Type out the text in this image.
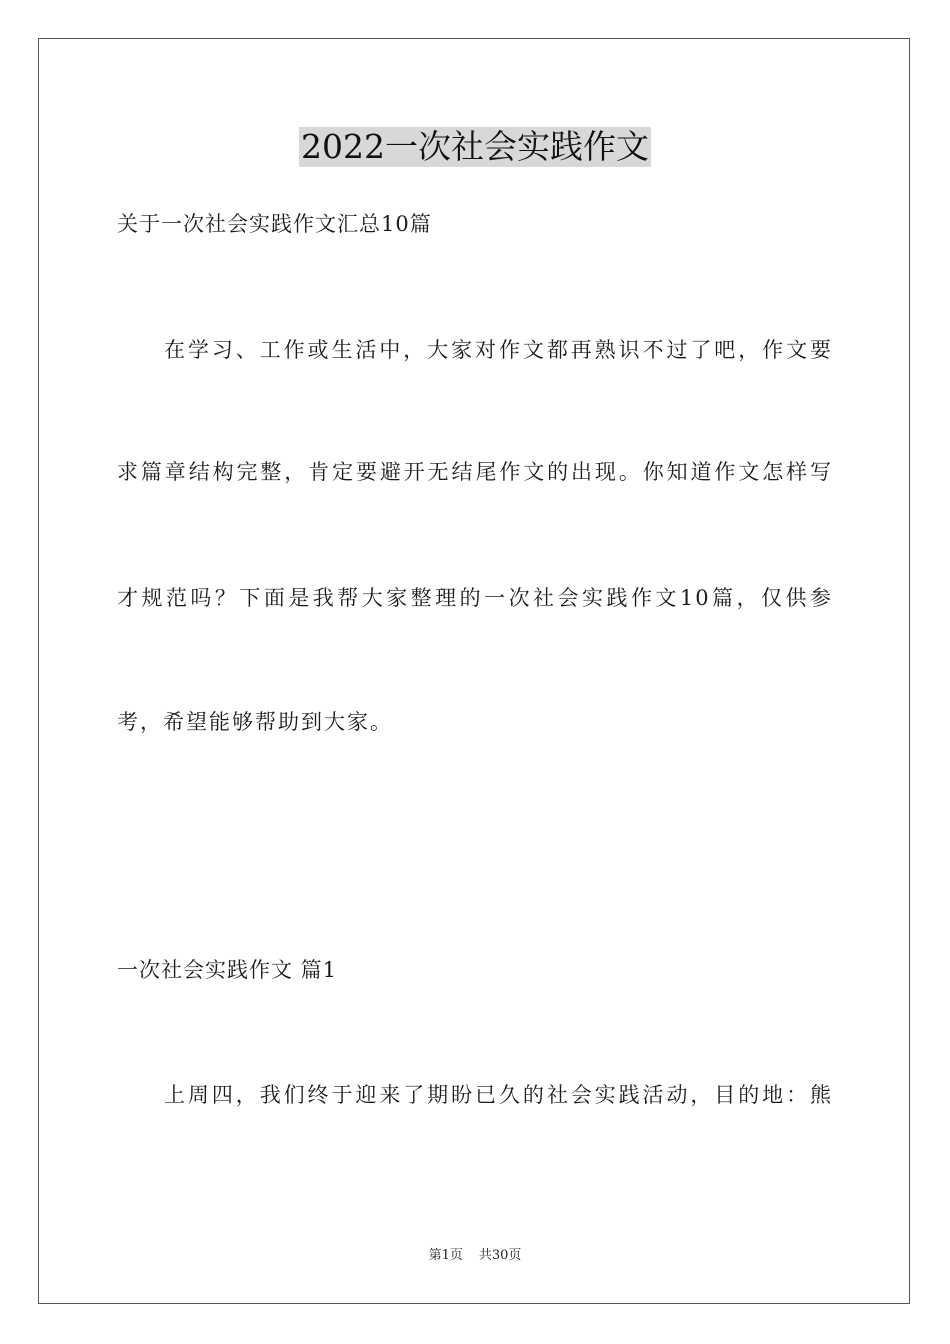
2022一次社会实践作文
关于一次社会实践作文汇总10篇
在学习、工作或生活中，大家对作文都再熟识不过了吧，作文要
求篇章结构完整，肯定要避开无结尾作文的出现。你知道作文怎样写
才规范吗？下面是我帮大家整理的一次社会实践作文10篇，仅供参
考，希望能够帮助到大家。
一次社会实践作文 篇1
上周四，我们终于迎来了期盼已久的社会实践活动，目的地：熊
第1页 共30页
